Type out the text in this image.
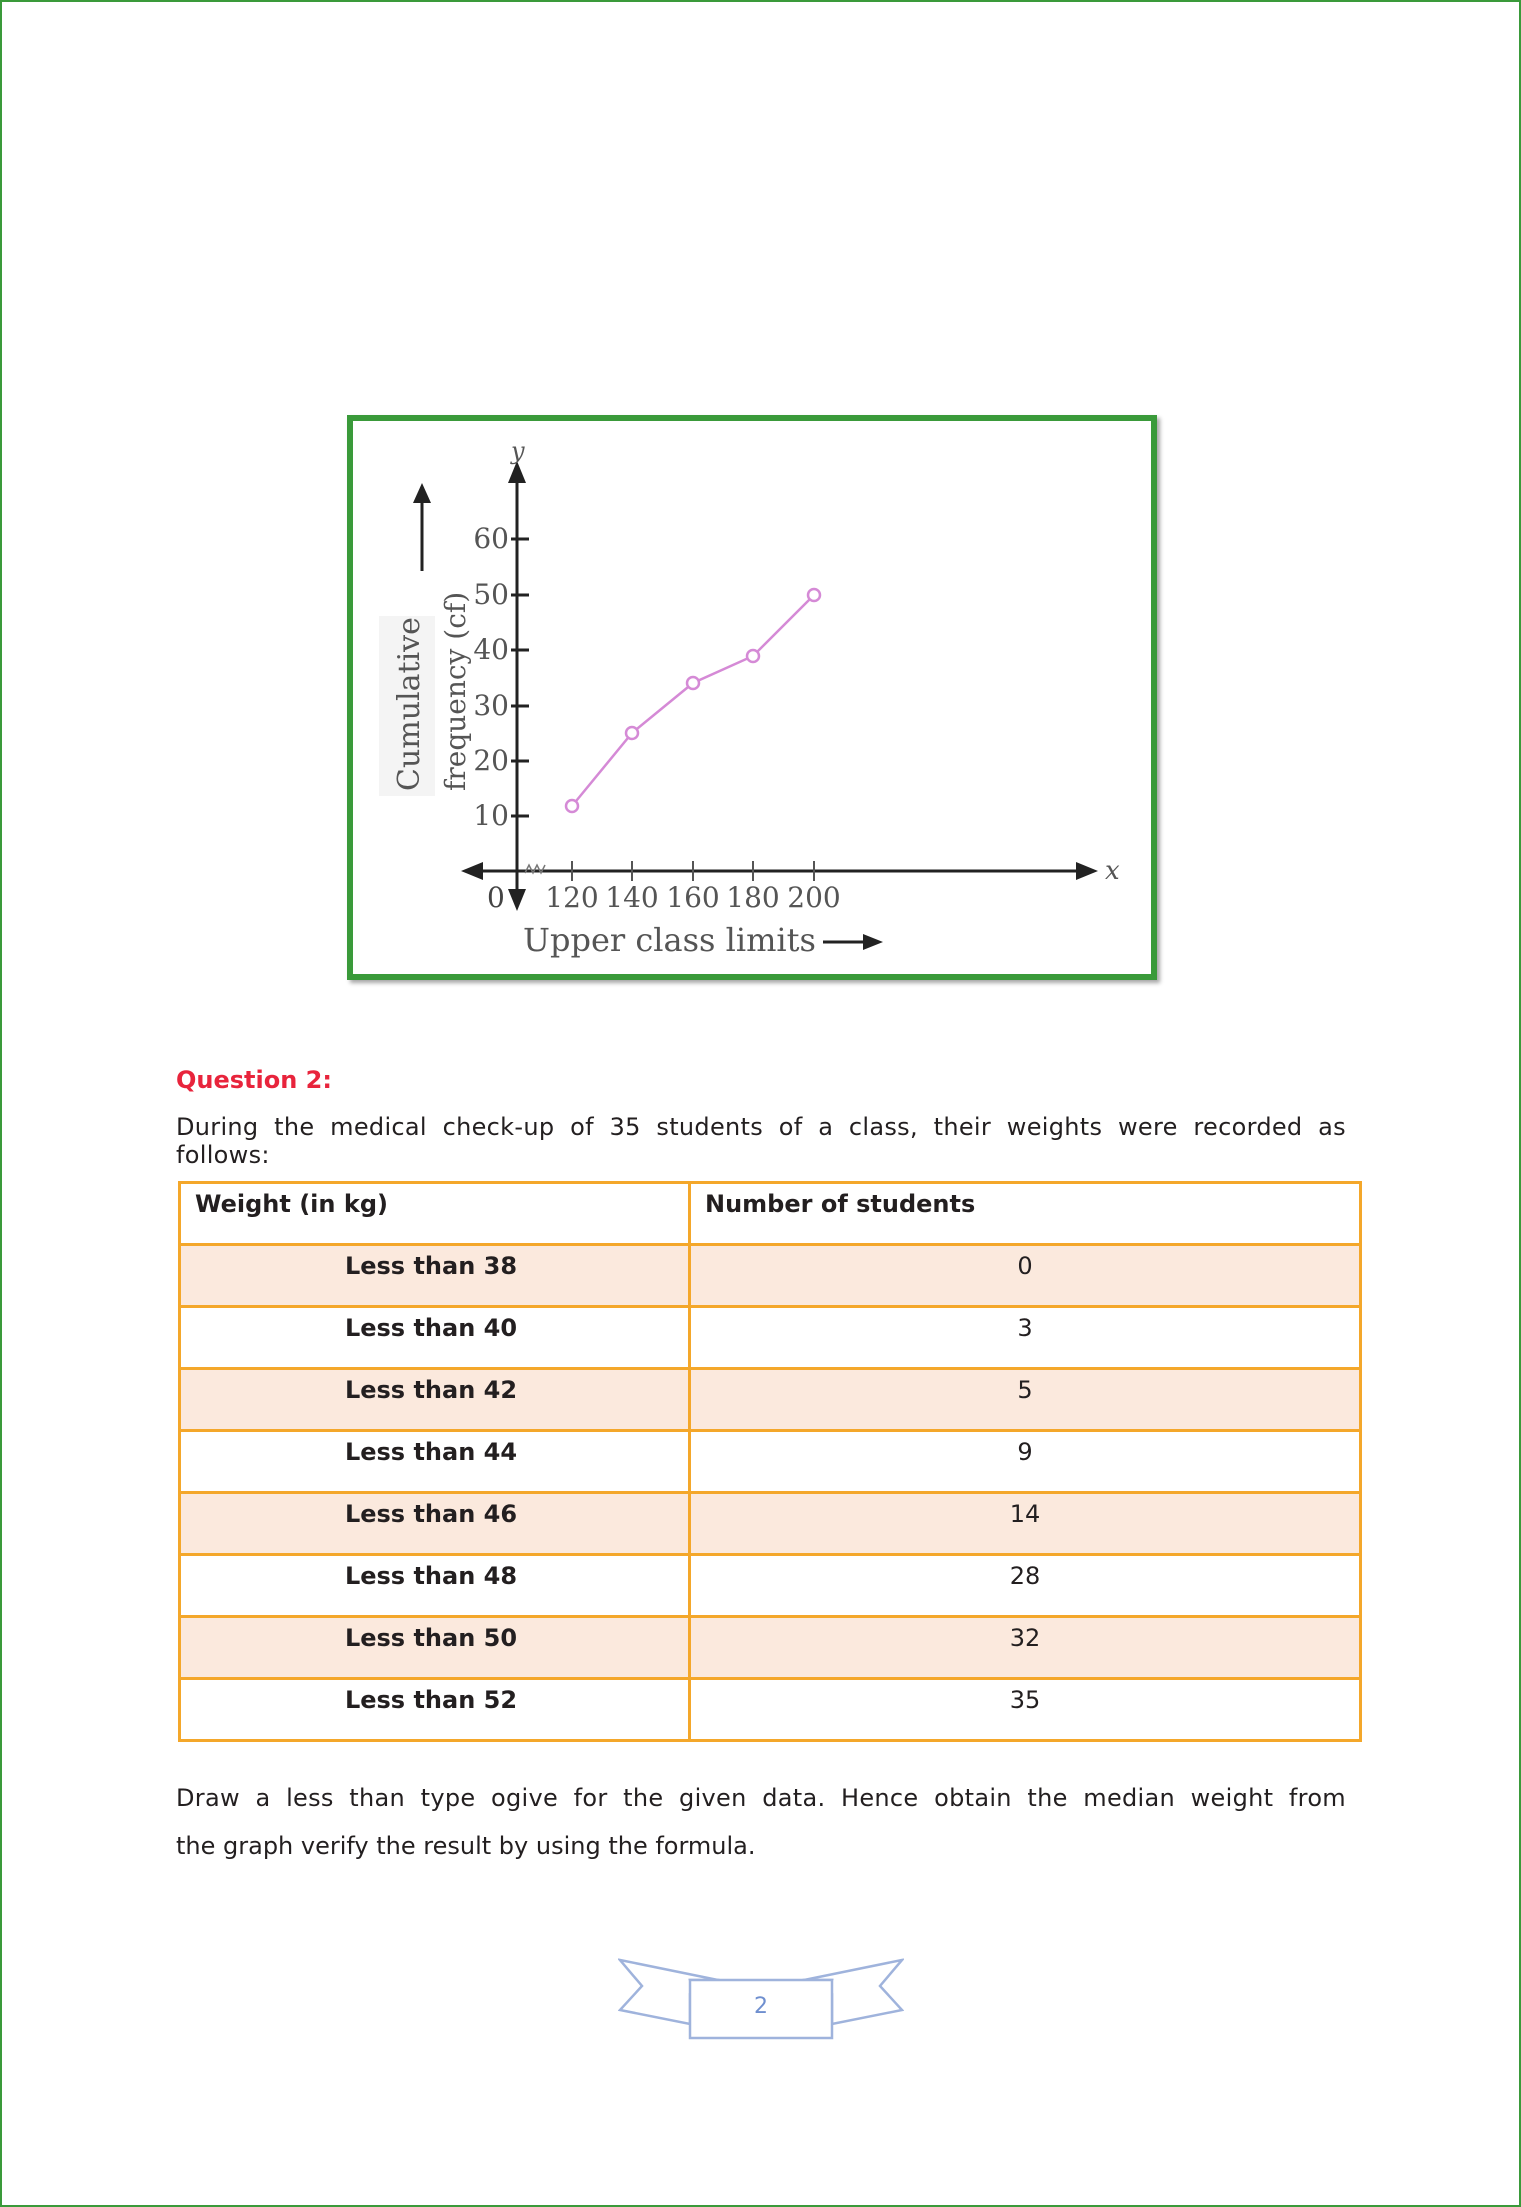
y
x
0
10
20
30
40
50
60
120 140 160 180 200
Cumulative frequency (cf)
Upper class limits
Question 2:
During the medical check-up of 35 students of a class, their weights were recorded as
follows:
Weight (in kg)	Number of students

Less than 38	0

Less than 40	3

Less than 42	5

Less than 44	9

Less than 46	14

Less than 48	28

Less than 50	32

Less than 52	35
Draw a less than type ogive for the given data. Hence obtain the median weight from
the graph verify the result by using the formula.
2
